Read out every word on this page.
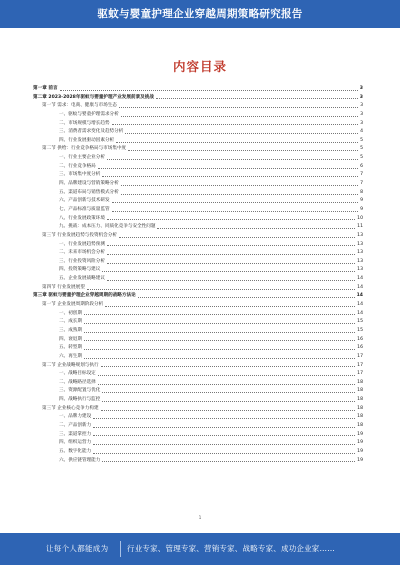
驱蚊与婴童护理企业穿越周期策略研究报告
内容目录
第一章 前言	3
第二章 2023-2028年驱蚊与婴童护理产业发展前景及挑战	3
第一节 需求：电商、健康与市场生态	3
一、驱蚊与婴童护理需求分析	3
二、市场规模与增长趋势	3
三、消费者需求变化及趋势分析	4
四、行业发展驱动因素分析	5
第二节 供给：行业竞争格局与市场集中度	5
一、行业主要企业分析	5
二、行业竞争格局	6
三、市场集中度分析	7
四、品牌建设与营销策略分析	7
五、渠道布局与销售模式分析	8
六、产品创新与技术研发	9
七、产品标准与质量监管	9
八、行业发展政策环境	10
九、挑战：成本压力、同质化竞争与安全性问题	11
第三节 行业发展趋势与投资机会分析	13
一、行业发展趋势预测	13
二、未来市场机会分析	13
三、行业投资风险分析	13
四、投资策略与建议	13
五、企业发展战略建议	14
第四节 行业发展展望	14
第三章 驱蚊与婴童护理企业穿越周期的战略方法论	14
第一节 企业发展周期阶段分析	14
一、初创期	14
二、成长期	15
三、成熟期	15
四、衰退期	16
五、转型期	16
六、再生期	17
第二节 企业战略规划与执行	17
一、战略目标设定	17
二、战略路径选择	18
三、资源配置与优化	18
四、战略执行与监控	18
第三节 企业核心竞争力构建	18
一、品牌力建设	18
二、产品创新力	18
三、渠道掌控力	19
四、组织运营力	19
五、数字化能力	19
六、供应链管理能力	19
1
让每个人都能成为 行业专家、管理专家、营销专家、战略专家、成功企业家……
